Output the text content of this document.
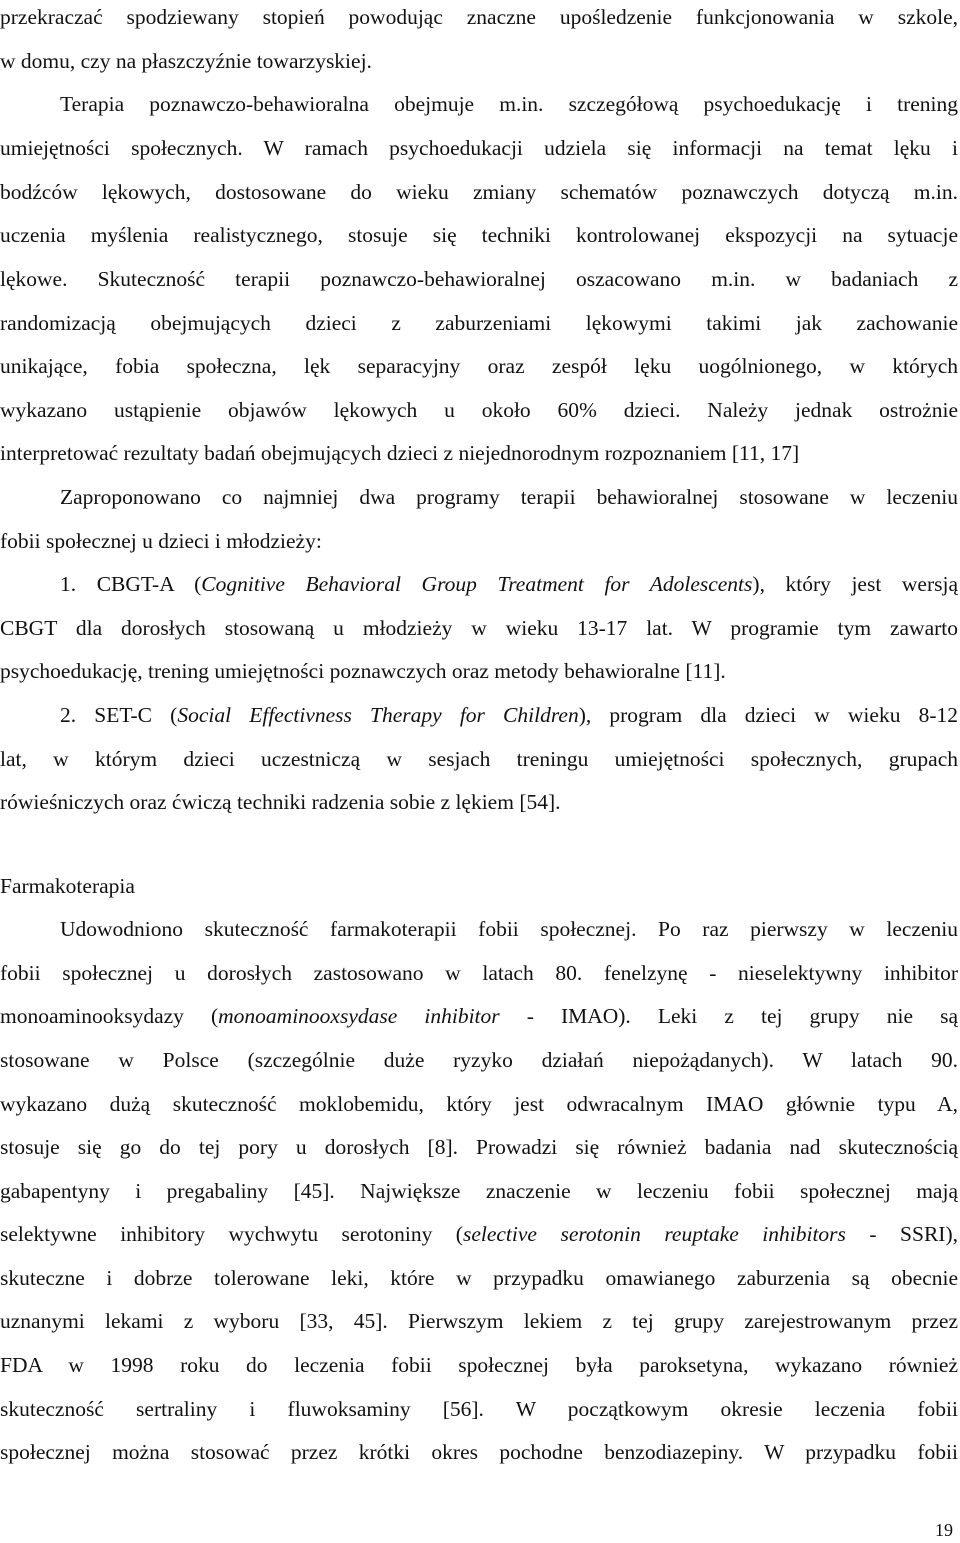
przekraczać spodziewany stopień powodując znaczne upośledzenie funkcjonowania w szkole,
w domu, czy na płaszczyźnie towarzyskiej.
Terapia poznawczo-behawioralna obejmuje m.in. szczegółową psychoedukację i trening
umiejętności społecznych. W ramach psychoedukacji udziela się informacji na temat lęku i
bodźców lękowych, dostosowane do wieku zmiany schematów poznawczych dotyczą m.in.
uczenia myślenia realistycznego, stosuje się techniki kontrolowanej ekspozycji na sytuacje
lękowe. Skuteczność terapii poznawczo-behawioralnej oszacowano m.in. w badaniach z
randomizacją obejmujących dzieci z zaburzeniami lękowymi takimi jak zachowanie
unikające, fobia społeczna, lęk separacyjny oraz zespół lęku uogólnionego, w których
wykazano ustąpienie objawów lękowych u około 60% dzieci. Należy jednak ostrożnie
interpretować rezultaty badań obejmujących dzieci z niejednorodnym rozpoznaniem [11, 17]
Zaproponowano co najmniej dwa programy terapii behawioralnej stosowane w leczeniu
fobii społecznej u dzieci i młodzieży:
1. CBGT-A (Cognitive Behavioral Group Treatment for Adolescents), który jest wersją
CBGT dla dorosłych stosowaną u młodzieży w wieku 13-17 lat. W programie tym zawarto
psychoedukację, trening umiejętności poznawczych oraz metody behawioralne [11].
2. SET-C (Social Effectivness Therapy for Children), program dla dzieci w wieku 8-12
lat, w którym dzieci uczestniczą w sesjach treningu umiejętności społecznych, grupach
rówieśniczych oraz ćwiczą techniki radzenia sobie z lękiem [54].
Farmakoterapia
Udowodniono skuteczność farmakoterapii fobii społecznej. Po raz pierwszy w leczeniu
fobii społecznej u dorosłych zastosowano w latach 80. fenelzynę - nieselektywny inhibitor
monoaminooksydazy (monoaminooxsydase inhibitor - IMAO). Leki z tej grupy nie są
stosowane w Polsce (szczególnie duże ryzyko działań niepożądanych). W latach 90.
wykazano dużą skuteczność moklobemidu, który jest odwracalnym IMAO głównie typu A,
stosuje się go do tej pory u dorosłych [8]. Prowadzi się również badania nad skutecznością
gabapentyny i pregabaliny [45]. Największe znaczenie w leczeniu fobii społecznej mają
selektywne inhibitory wychwytu serotoniny (selective serotonin reuptake inhibitors - SSRI),
skuteczne i dobrze tolerowane leki, które w przypadku omawianego zaburzenia są obecnie
uznanymi lekami z wyboru [33, 45]. Pierwszym lekiem z tej grupy zarejestrowanym przez
FDA w 1998 roku do leczenia fobii społecznej była paroksetyna, wykazano również
skuteczność sertraliny i fluwoksaminy [56]. W początkowym okresie leczenia fobii
społecznej można stosować przez krótki okres pochodne benzodiazepiny. W przypadku fobii
19
